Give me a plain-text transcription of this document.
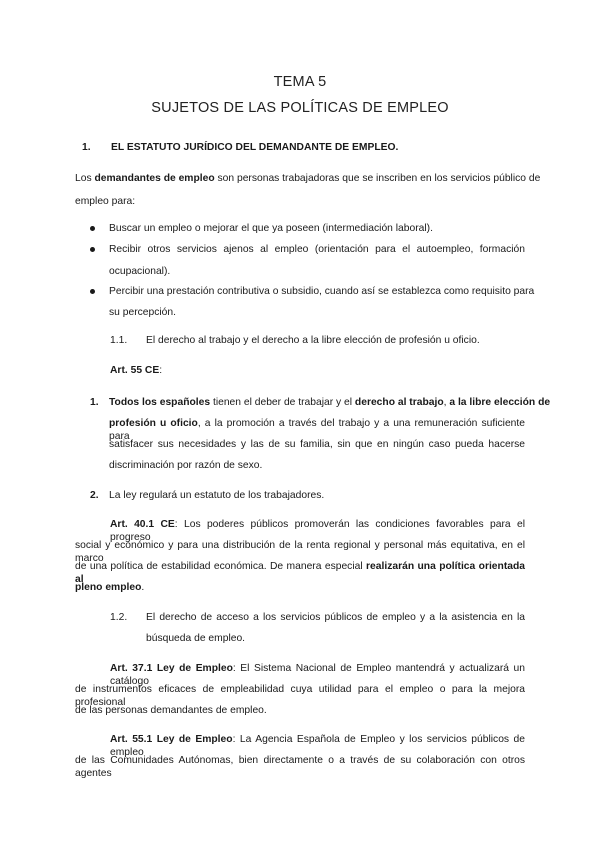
TEMA 5
SUJETOS DE LAS POLÍTICAS DE EMPLEO
1. EL ESTATUTO JURÍDICO DEL DEMANDANTE DE EMPLEO.
Los demandantes de empleo son personas trabajadoras que se inscriben en los servicios público de
empleo para:
Buscar un empleo o mejorar el que ya poseen (intermediación laboral).
Recibir otros servicios ajenos al empleo (orientación para el autoempleo, formación
ocupacional).
Percibir una prestación contributiva o subsidio, cuando así se establezca como requisito para
su percepción.
1.1. El derecho al trabajo y el derecho a la libre elección de profesión u oficio.
Art. 55 CE:
1. Todos los españoles tienen el deber de trabajar y el derecho al trabajo, a la libre elección de
profesión u oficio, a la promoción a través del trabajo y a una remuneración suficiente para
satisfacer sus necesidades y las de su familia, sin que en ningún caso pueda hacerse
discriminación por razón de sexo.
2. La ley regulará un estatuto de los trabajadores.
Art. 40.1 CE: Los poderes públicos promoverán las condiciones favorables para el progreso
social y económico y para una distribución de la renta regional y personal más equitativa, en el marco
de una política de estabilidad económica. De manera especial realizarán una política orientada al
pleno empleo.
1.2. El derecho de acceso a los servicios públicos de empleo y a la asistencia en la
búsqueda de empleo.
Art. 37.1 Ley de Empleo: El Sistema Nacional de Empleo mantendrá y actualizará un catálogo
de instrumentos eficaces de empleabilidad cuya utilidad para el empleo o para la mejora profesional
de las personas demandantes de empleo.
Art. 55.1 Ley de Empleo: La Agencia Española de Empleo y los servicios públicos de empleo
de las Comunidades Autónomas, bien directamente o a través de su colaboración con otros agentes
